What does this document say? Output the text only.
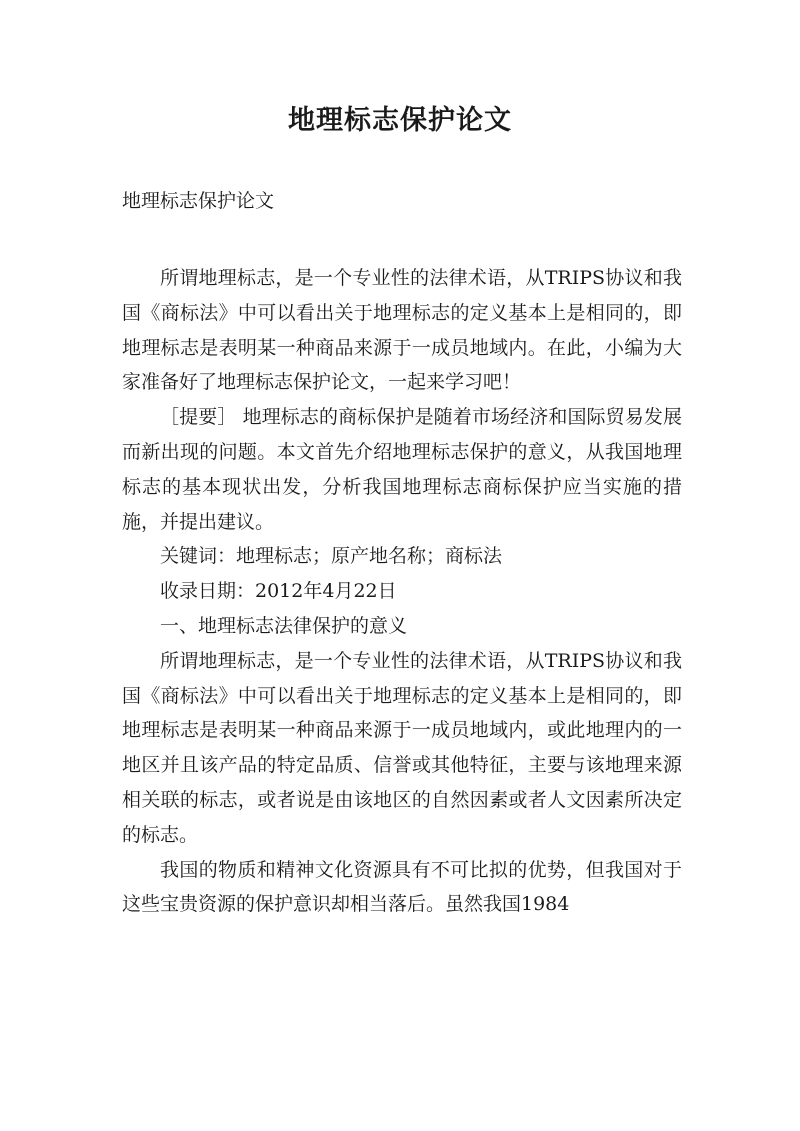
地理标志保护论文
地理标志保护论文

所谓地理标志，是一个专业性的法律术语，从TRIPS协议和我国《商标法》中可以看出关于地理标志的定义基本上是相同的，即地理标志是表明某一种商品来源于一成员地域内。在此，小编为大家准备好了地理标志保护论文，一起来学习吧！

［提要］ 地理标志的商标保护是随着市场经济和国际贸易发展而新出现的问题。本文首先介绍地理标志保护的意义，从我国地理标志的基本现状出发，分析我国地理标志商标保护应当实施的措施，并提出建议。

关键词：地理标志；原产地名称；商标法

收录日期：2012年4月22日

一、地理标志法律保护的意义

所谓地理标志，是一个专业性的法律术语，从TRIPS协议和我国《商标法》中可以看出关于地理标志的定义基本上是相同的，即地理标志是表明某一种商品来源于一成员地域内，或此地理内的一地区并且该产品的特定品质、信誉或其他特征，主要与该地理来源相关联的标志，或者说是由该地区的自然因素或者人文因素所决定的标志。

我国的物质和精神文化资源具有不可比拟的优势，但我国对于这些宝贵资源的保护意识却相当落后。虽然我国1984
